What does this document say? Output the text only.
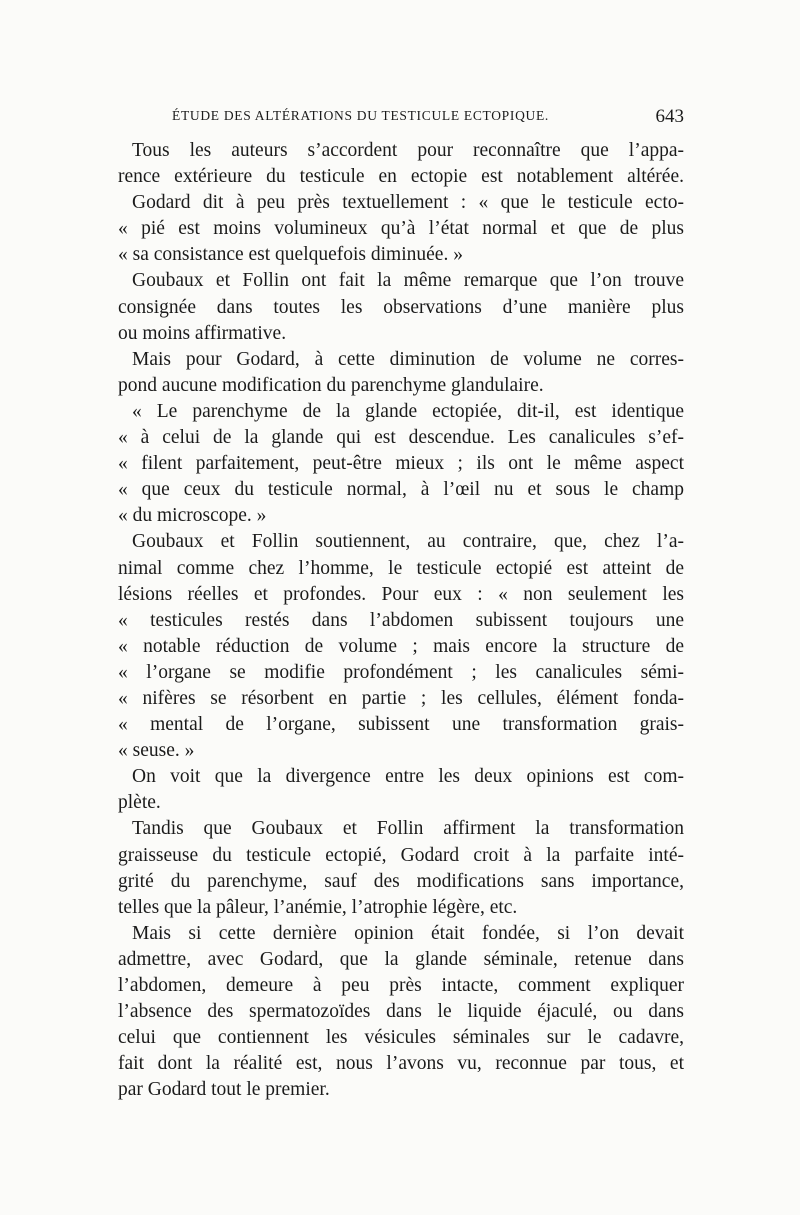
ÉTUDE DES ALTÉRATIONS DU TESTICULE ECTOPIQUE.	643
Tous les auteurs s’accordent pour reconnaître que l’appa-
rence extérieure du testicule en ectopie est notablement altérée.
Godard dit à peu près textuellement : « que le testicule ecto-
« pié est moins volumineux qu’à l’état normal et que de plus
« sa consistance est quelquefois diminuée. »
Goubaux et Follin ont fait la même remarque que l’on trouve
consignée dans toutes les observations d’une manière plus
ou moins affirmative.
Mais pour Godard, à cette diminution de volume ne corres-
pond aucune modification du parenchyme glandulaire.
« Le parenchyme de la glande ectopiée, dit-il, est identique
« à celui de la glande qui est descendue. Les canalicules s’ef-
« filent parfaitement, peut-être mieux ; ils ont le même aspect
« que ceux du testicule normal, à l’œil nu et sous le champ
« du microscope. »
Goubaux et Follin soutiennent, au contraire, que, chez l’a-
nimal comme chez l’homme, le testicule ectopié est atteint de
lésions réelles et profondes. Pour eux : « non seulement les
« testicules restés dans l’abdomen subissent toujours une
« notable réduction de volume ; mais encore la structure de
« l’organe se modifie profondément ; les canalicules sémi-
« nifères se résorbent en partie ; les cellules, élément fonda-
« mental de l’organe, subissent une transformation grais-
« seuse. »
On voit que la divergence entre les deux opinions est com-
plète.
Tandis que Goubaux et Follin affirment la transformation
graisseuse du testicule ectopié, Godard croit à la parfaite inté-
grité du parenchyme, sauf des modifications sans importance,
telles que la pâleur, l’anémie, l’atrophie légère, etc.
Mais si cette dernière opinion était fondée, si l’on devait
admettre, avec Godard, que la glande séminale, retenue dans
l’abdomen, demeure à peu près intacte, comment expliquer
l’absence des spermatozoïdes dans le liquide éjaculé, ou dans
celui que contiennent les vésicules séminales sur le cadavre,
fait dont la réalité est, nous l’avons vu, reconnue par tous, et
par Godard tout le premier.
